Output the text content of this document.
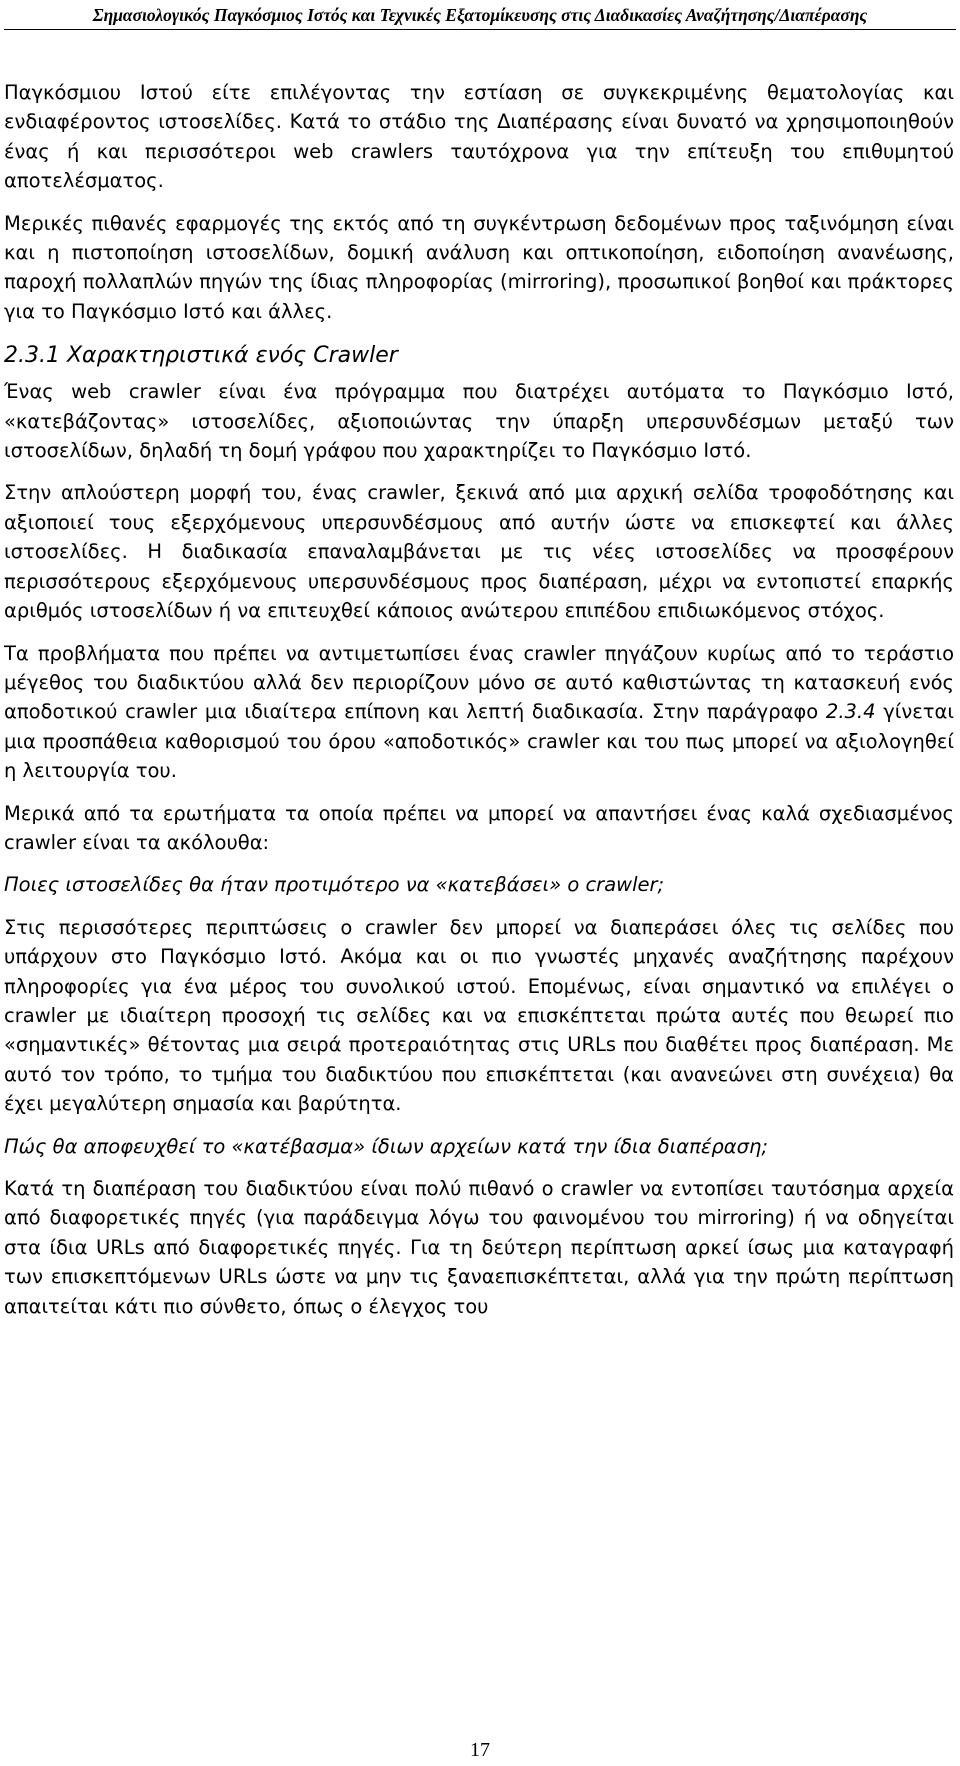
Σημασιολογικός Παγκόσμιος Ιστός και Τεχνικές Εξατομίκευσης στις Διαδικασίες Αναζήτησης/Διαπέρασης

Παγκόσμιου Ιστού είτε επιλέγοντας την εστίαση σε συγκεκριμένης θεματολογίας και ενδιαφέροντος ιστοσελίδες. Κατά το στάδιο της Διαπέρασης είναι δυνατό να χρησιμοποιηθούν ένας ή και περισσότεροι web crawlers ταυτόχρονα για την επίτευξη του επιθυμητού αποτελέσματος.

Μερικές πιθανές εφαρμογές της εκτός από τη συγκέντρωση δεδομένων προς ταξινόμηση είναι και η πιστοποίηση ιστοσελίδων, δομική ανάλυση και οπτικοποίηση, ειδοποίηση ανανέωσης, παροχή πολλαπλών πηγών της ίδιας πληροφορίας (mirroring), προσωπικοί βοηθοί και πράκτορες για το Παγκόσμιο Ιστό και άλλες.

2.3.1 Χαρακτηριστικά ενός Crawler

Ένας web crawler είναι ένα πρόγραμμα που διατρέχει αυτόματα το Παγκόσμιο Ιστό, «κατεβάζοντας» ιστοσελίδες, αξιοποιώντας την ύπαρξη υπερσυνδέσμων μεταξύ των ιστοσελίδων, δηλαδή τη δομή γράφου που χαρακτηρίζει το Παγκόσμιο Ιστό.

Στην απλούστερη μορφή του, ένας crawler, ξεκινά από μια αρχική σελίδα τροφοδότησης και αξιοποιεί τους εξερχόμενους υπερσυνδέσμους από αυτήν ώστε να επισκεφτεί και άλλες ιστοσελίδες. Η διαδικασία επαναλαμβάνεται με τις νέες ιστοσελίδες να προσφέρουν περισσότερους εξερχόμενους υπερσυνδέσμους προς διαπέραση, μέχρι να εντοπιστεί επαρκής αριθμός ιστοσελίδων ή να επιτευχθεί κάποιος ανώτερου επιπέδου επιδιωκόμενος στόχος.

Τα προβλήματα που πρέπει να αντιμετωπίσει ένας crawler πηγάζουν κυρίως από το τεράστιο μέγεθος του διαδικτύου αλλά δεν περιορίζουν μόνο σε αυτό καθιστώντας τη κατασκευή ενός αποδοτικού crawler μια ιδιαίτερα επίπονη και λεπτή διαδικασία. Στην παράγραφο 2.3.4 γίνεται μια προσπάθεια καθορισμού του όρου «αποδοτικός» crawler και του πως μπορεί να αξιολογηθεί η λειτουργία του.

Μερικά από τα ερωτήματα τα οποία πρέπει να μπορεί να απαντήσει ένας καλά σχεδιασμένος crawler είναι τα ακόλουθα:

Ποιες ιστοσελίδες θα ήταν προτιμότερο να «κατεβάσει» ο crawler;

Στις περισσότερες περιπτώσεις ο crawler δεν μπορεί να διαπεράσει όλες τις σελίδες που υπάρχουν στο Παγκόσμιο Ιστό. Ακόμα και οι πιο γνωστές μηχανές αναζήτησης παρέχουν πληροφορίες για ένα μέρος του συνολικού ιστού. Επομένως, είναι σημαντικό να επιλέγει ο crawler με ιδιαίτερη προσοχή τις σελίδες και να επισκέπτεται πρώτα αυτές που θεωρεί πιο «σημαντικές» θέτοντας μια σειρά προτεραιότητας στις URLs που διαθέτει προς διαπέραση. Με αυτό τον τρόπο, το τμήμα του διαδικτύου που επισκέπτεται (και ανανεώνει στη συνέχεια) θα έχει μεγαλύτερη σημασία και βαρύτητα.

Πώς θα αποφευχθεί το «κατέβασμα» ίδιων αρχείων κατά την ίδια διαπέραση;

Κατά τη διαπέραση του διαδικτύου είναι πολύ πιθανό ο crawler να εντοπίσει ταυτόσημα αρχεία από διαφορετικές πηγές (για παράδειγμα λόγω του φαινομένου του mirroring) ή να οδηγείται στα ίδια URLs από διαφορετικές πηγές. Για τη δεύτερη περίπτωση αρκεί ίσως μια καταγραφή των επισκεπτόμενων URLs ώστε να μην τις ξαναεπισκέπτεται, αλλά για την πρώτη περίπτωση απαιτείται κάτι πιο σύνθετο, όπως ο έλεγχος του

17
